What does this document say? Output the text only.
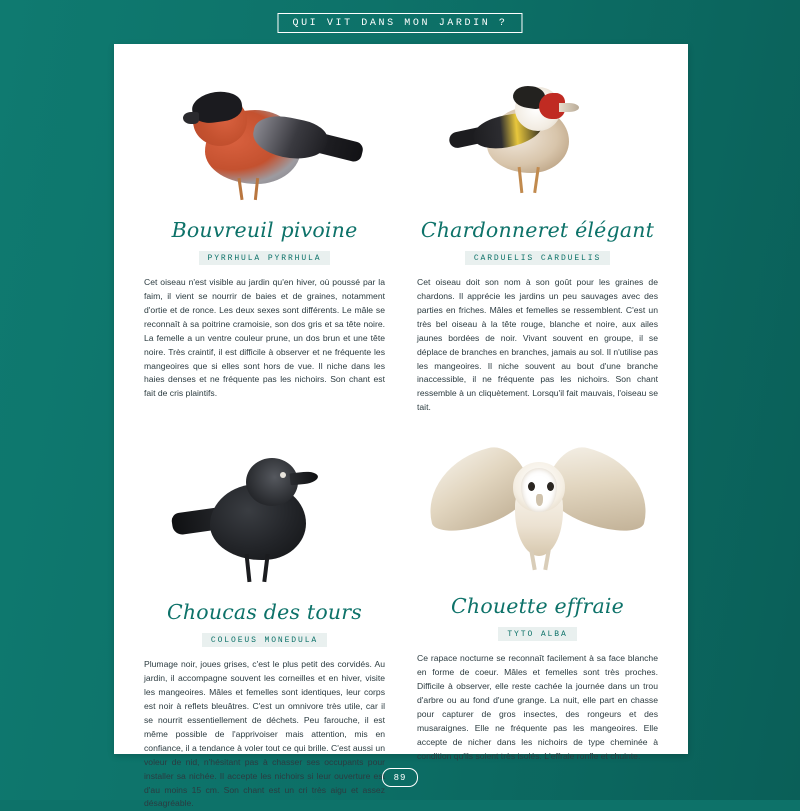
QUI VIT DANS MON JARDIN ?
Bouvreuil pivoine
PYRRHULA PYRRHULA
Cet oiseau n'est visible au jardin qu'en hiver, où poussé par la faim, il vient se nourrir de baies et de graines, notamment d'ortie et de ronce. Les deux sexes sont différents. Le mâle se reconnaît à sa poitrine cramoisie, son dos gris et sa tête noire. La femelle a un ventre couleur prune, un dos brun et une tête noire. Très craintif, il est difficile à observer et ne fréquente les mangeoires que si elles sont hors de vue. Il niche dans les haies denses et ne fréquente pas les nichoirs. Son chant est fait de cris plaintifs.
Chardonneret élégant
CARDUELIS CARDUELIS
Cet oiseau doit son nom à son goût pour les graines de chardons. Il apprécie les jardins un peu sauvages avec des parties en friches. Mâles et femelles se ressemblent. C'est un très bel oiseau à la tête rouge, blanche et noire, aux ailes jaunes bordées de noir. Vivant souvent en groupe, il se déplace de branches en branches, jamais au sol. Il n'utilise pas les mangeoires. Il niche souvent au bout d'une branche inaccessible, il ne fréquente pas les nichoirs. Son chant ressemble à un cliquètement. Lorsqu'il fait mauvais, l'oiseau se tait.
Choucas des tours
COLOEUS MONEDULA
Plumage noir, joues grises, c'est le plus petit des corvidés. Au jardin, il accompagne souvent les corneilles et en hiver, visite les mangeoires. Mâles et femelles sont identiques, leur corps est noir à reflets bleuâtres. C'est un omnivore très utile, car il se nourrit essentiellement de déchets. Peu farouche, il est même possible de l'apprivoiser mais attention, mis en confiance, il a tendance à voler tout ce qui brille. C'est aussi un voleur de nid, n'hésitant pas à chasser ses occupants pour installer sa nichée. Il accepte les nichoirs si leur ouverture est d'au moins 15 cm. Son chant est un cri très aigu et assez désagréable.
Chouette effraie
TYTO ALBA
Ce rapace nocturne se reconnaît facilement à sa face blanche en forme de coeur. Mâles et femelles sont très proches. Difficile à observer, elle reste cachée la journée dans un trou d'arbre ou au fond d'une grange. La nuit, elle part en chasse pour capturer de gros insectes, des rongeurs et des musaraignes. Elle ne fréquente pas les mangeoires. Elle accepte de nicher dans les nichoirs de type cheminée à condition qu'ils soient très isolés. L'effraie ronfle et chuinte.
89
